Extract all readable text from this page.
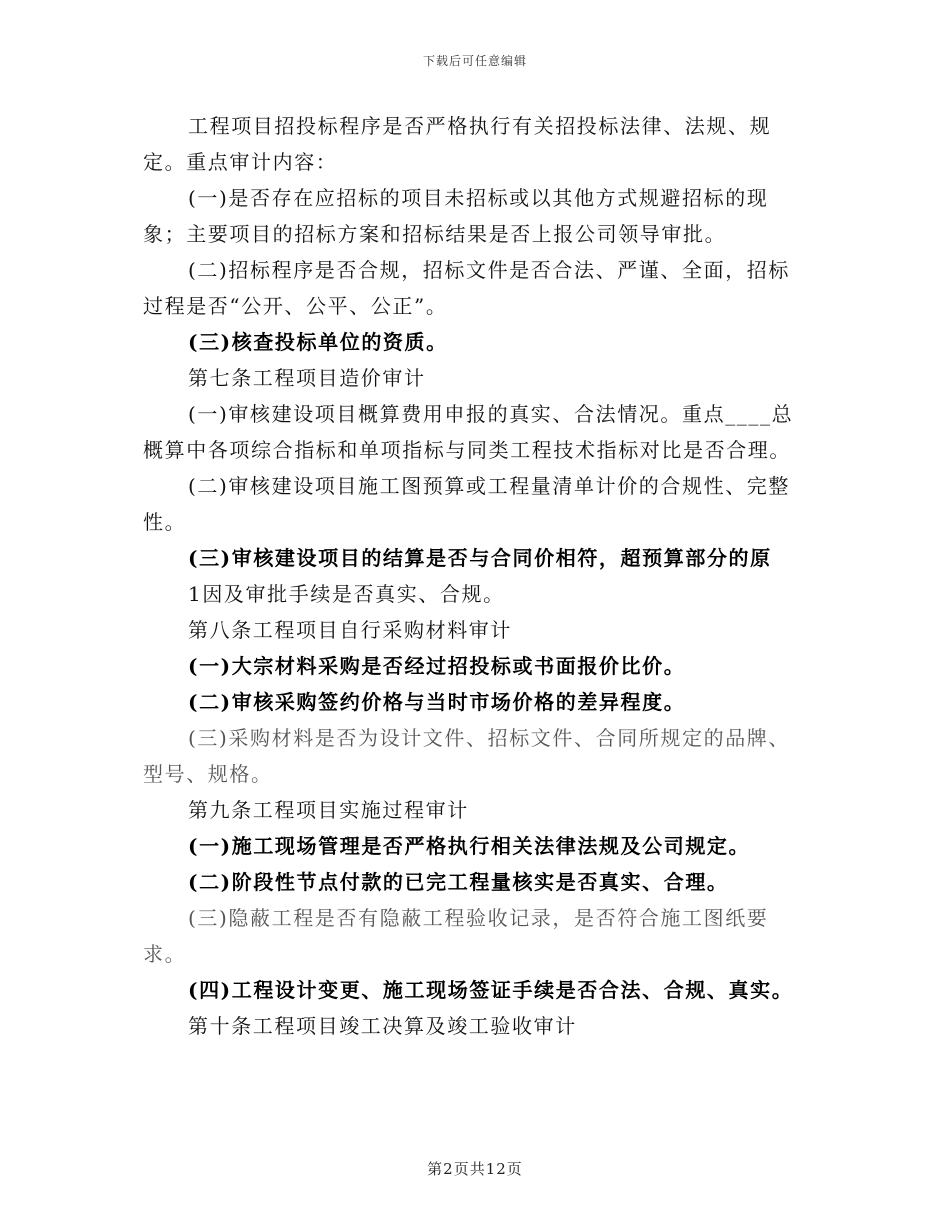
下载后可任意编辑

工程项目招投标程序是否严格执行有关招投标法律、法规、规定。重点审计内容：

(一)是否存在应招标的项目未招标或以其他方式规避招标的现象；主要项目的招标方案和招标结果是否上报公司领导审批。

(二)招标程序是否合规，招标文件是否合法、严谨、全面，招标过程是否“公开、公平、公正”。

(三)核查投标单位的资质。

第七条工程项目造价审计

(一)审核建设项目概算费用申报的真实、合法情况。重点____总概算中各项综合指标和单项指标与同类工程技术指标对比是否合理。

(二)审核建设项目施工图预算或工程量清单计价的合规性、完整性。

(三)审核建设项目的结算是否与合同价相符，超预算部分的原

1因及审批手续是否真实、合规。

第八条工程项目自行采购材料审计

(一)大宗材料采购是否经过招投标或书面报价比价。

(二)审核采购签约价格与当时市场价格的差异程度。

(三)采购材料是否为设计文件、招标文件、合同所规定的品牌、型号、规格。

第九条工程项目实施过程审计

(一)施工现场管理是否严格执行相关法律法规及公司规定。

(二)阶段性节点付款的已完工程量核实是否真实、合理。

(三)隐蔽工程是否有隐蔽工程验收记录，是否符合施工图纸要求。

(四)工程设计变更、施工现场签证手续是否合法、合规、真实。

第十条工程项目竣工决算及竣工验收审计

第2页共12页
